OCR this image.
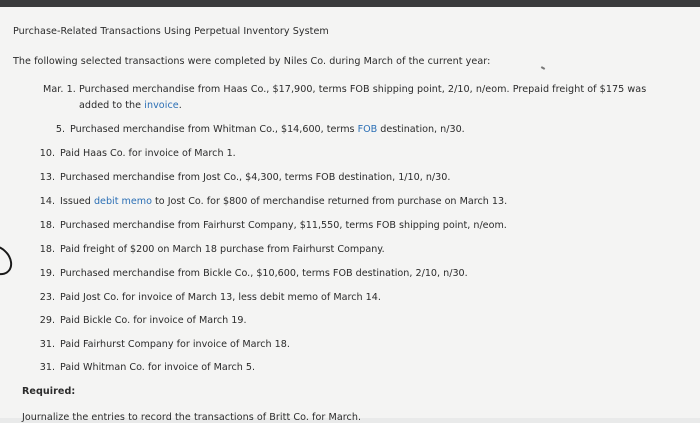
Purchase-Related Transactions Using Perpetual Inventory System
The following selected transactions were completed by Niles Co. during March of the current year:
Mar. 1. Purchased merchandise from Haas Co., $17,900, terms FOB shipping point, 2/10, n/eom. Prepaid freight of $175 was
added to the invoice.
5. Purchased merchandise from Whitman Co., $14,600, terms FOB destination, n/30.
10. Paid Haas Co. for invoice of March 1.
13. Purchased merchandise from Jost Co., $4,300, terms FOB destination, 1/10, n/30.
14. Issued debit memo to Jost Co. for $800 of merchandise returned from purchase on March 13.
18. Purchased merchandise from Fairhurst Company, $11,550, terms FOB shipping point, n/eom.
18. Paid freight of $200 on March 18 purchase from Fairhurst Company.
19. Purchased merchandise from Bickle Co., $10,600, terms FOB destination, 2/10, n/30.
23. Paid Jost Co. for invoice of March 13, less debit memo of March 14.
29. Paid Bickle Co. for invoice of March 19.
31. Paid Fairhurst Company for invoice of March 18.
31. Paid Whitman Co. for invoice of March 5.
Required:
Journalize the entries to record the transactions of Britt Co. for March.
